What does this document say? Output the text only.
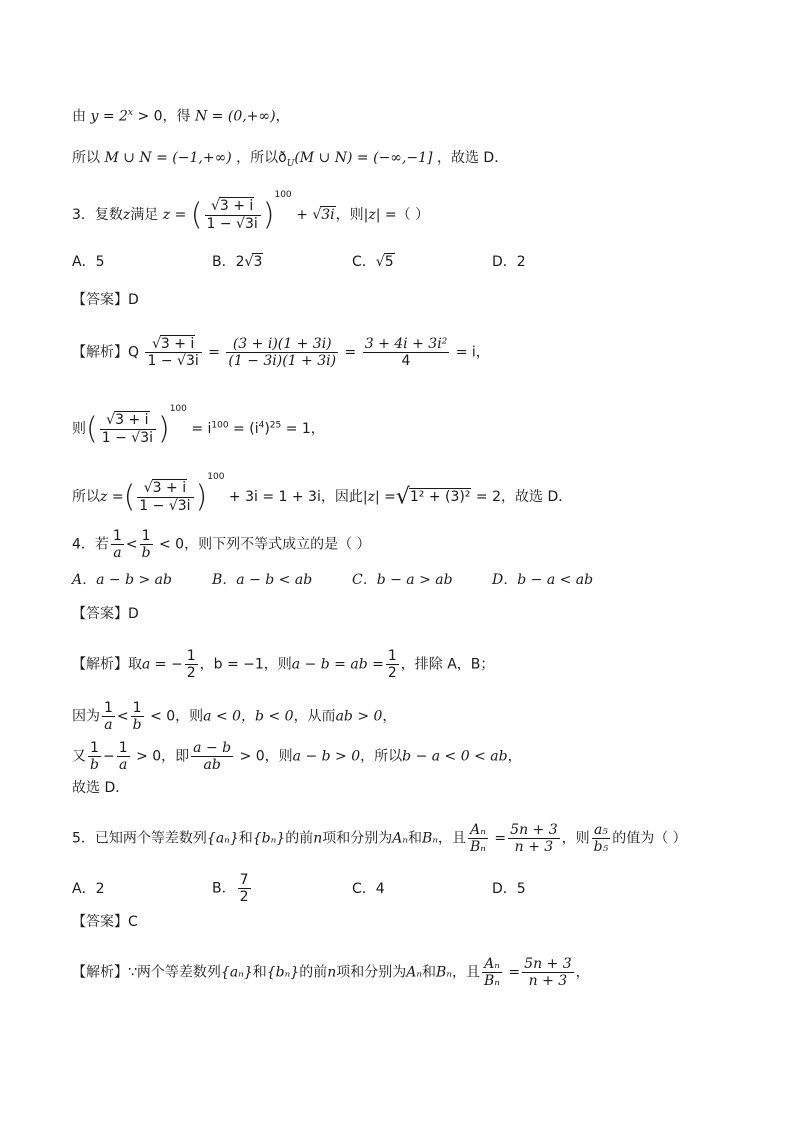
由 $y = 2^x > 0$，得 N = (0,+∞)，
所以 M ∪ N = (−1,+∞) ，所以$ð_U(M$ ∪ N) = (−∞,−1] ，故选 D．
3．复数z满足 z = ( $\frac{√3 + i}{1 - √3i} )^{100} + √3i$，则|z| =（ ）
A．5	B．2√3	C．√5	D．2
【答案】D
【解析】Q $\frac{√3 + i}{1 - √3i} = \frac{(3 + i)(1 + 3i)}{(1 - 3i)(1 + 3i)} = \frac{\text{3 + 4i + 3i²}}{4} = i$，
则( $\frac{√3 + i}{1 - √3i} )^{100} = i^{100} = (i^4)^{25} = 1$，
所以z =( $\frac{√3 + i}{1 - √3i} )^{100} + 3i = 1 + 3i$，因此|z| =√1² + (3)² = 2，故选 D．
4．若 $\frac{1}{a} < \frac{1}{b} < 0$，则下列不等式成立的是（ ）
A．a − b > ab	B．a − b < ab	C．b − a > ab	D．b − a < ab
【答案】D
【解析】取a = − $\frac{1}{2}$ ，b = −1，则a − b = ab = $\frac{1}{2}$ ，排除 A，B；
因为 $\frac{1}{a} < \frac{1}{b} < 0$，则a < 0，b < 0，从而ab > 0，
又 $\frac{1}{b} - \frac{1}{a} > 0$，即 $\frac{a - b}{ab} > 0$，则a − b > 0，所以b − a < 0 < ab，
故选 D．
5．已知两个等差数列{aₙ}和{bₙ}的前n项和分别为Aₙ和Bₙ，且 $\frac{\text{Aₙ}}{\text{Bₙ}} = \frac{5n + 3}{n + 3}$ ，则 $\frac{\text{a₅}}{\text{b₅}}$ 的值为（ ）
A．2	B． $\frac{7}{2}$	C．4	D．5
【答案】C
【解析】∵两个等差数列{aₙ}和{bₙ}的前n项和分别为Aₙ和Bₙ，且 $\frac{\text{Aₙ}}{\text{Bₙ}} = \frac{5n + 3}{n + 3}$ ，
